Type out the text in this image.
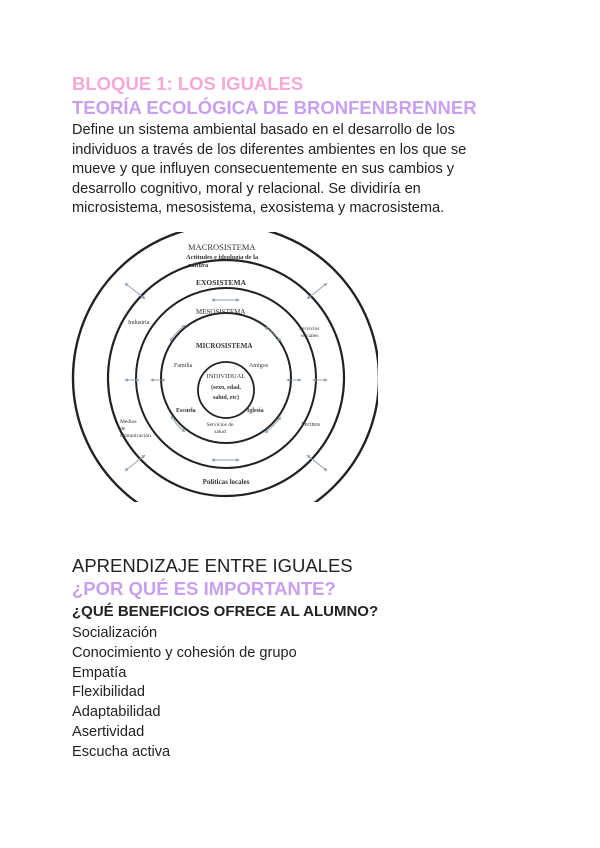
BLOQUE 1: LOS IGUALES
TEORÍA ECOLÓGICA DE BRONFENBRENNER

Define un sistema ambiental basado en el desarrollo de los
individuos a través de los diferentes ambientes en los que se
mueve y que influyen consecuentemente en sus cambios y
desarrollo cognitivo, moral y relacional. Se dividiría en
microsistema, mesosistema, exosistema y macrosistema.

MACROSISTEMA
Actitudes e ideología de la
cultura
EXOSISTEMA
MESOSISTEMA
MICROSISTEMA
INDIVIDUAL
(sexo, edad,
salud, etc)
Familia	Amigos
Escuela	Iglesia
Servicios de
salud
Industria
Servicios
sociales
Medios
de
comunicación
Vecinos
Políticas locales
APRENDIZAJE ENTRE IGUALES
¿POR QUÉ ES IMPORTANTE?
¿QUÉ BENEFICIOS OFRECE AL ALUMNO?
Socialización
Conocimiento y cohesión de grupo
Empatía
Flexibilidad
Adaptabilidad
Asertividad
Escucha activa
